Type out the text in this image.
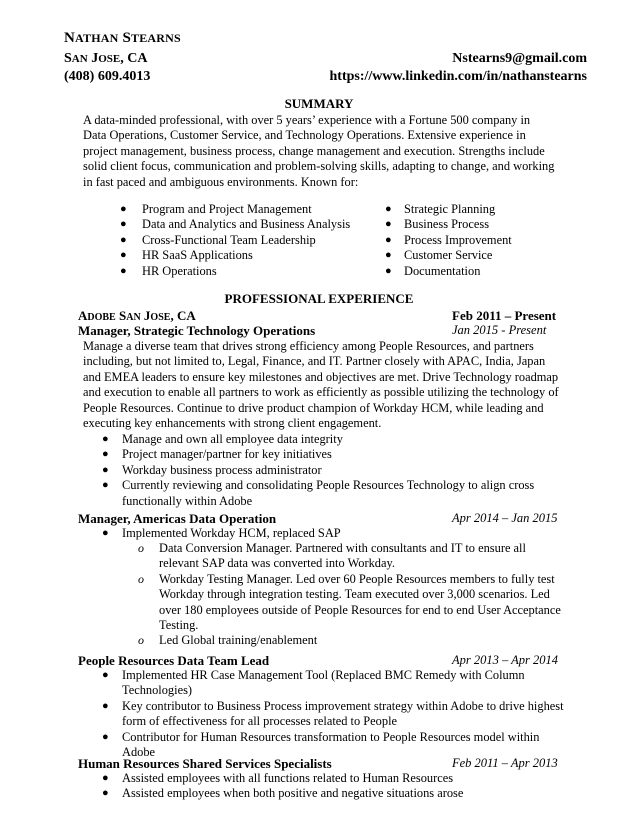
NATHAN STEARNS
SAN JOSE, CA	Nstearns9@gmail.com
(408) 609.4013	https://www.linkedin.com/in/nathanstearns
SUMMARY
A data-minded professional, with over 5 years’ experience with a Fortune 500 company in
Data Operations, Customer Service, and Technology Operations. Extensive experience in
project management, business process, change management and execution. Strengths include
solid client focus, communication and problem-solving skills, adapting to change, and working
in fast paced and ambiguous environments. Known for:
● Program and Project Management
● Data and Analytics and Business Analysis
● Cross-Functional Team Leadership
● HR SaaS Applications
● HR Operations
● Strategic Planning
● Business Process
● Process Improvement
● Customer Service
● Documentation
PROFESSIONAL EXPERIENCE
ADOBE SAN JOSE, CA	Feb 2011 – Present
Manager, Strategic Technology Operations	Jan 2015 - Present
Manage a diverse team that drives strong efficiency among People Resources, and partners
including, but not limited to, Legal, Finance, and IT. Partner closely with APAC, India, Japan
and EMEA leaders to ensure key milestones and objectives are met. Drive Technology roadmap
and execution to enable all partners to work as efficiently as possible utilizing the technology of
People Resources. Continue to drive product champion of Workday HCM, while leading and
executing key enhancements with strong client engagement.
● Manage and own all employee data integrity
● Project manager/partner for key initiatives
● Workday business process administrator
● Currently reviewing and consolidating People Resources Technology to align cross
functionally within Adobe
Manager, Americas Data Operation	Apr 2014 – Jan 2015
● Implemented Workday HCM, replaced SAP
o Data Conversion Manager. Partnered with consultants and IT to ensure all
relevant SAP data was converted into Workday.
o Workday Testing Manager. Led over 60 People Resources members to fully test
Workday through integration testing. Team executed over 3,000 scenarios. Led
over 180 employees outside of People Resources for end to end User Acceptance
Testing.
o Led Global training/enablement
People Resources Data Team Lead	Apr 2013 – Apr 2014
● Implemented HR Case Management Tool (Replaced BMC Remedy with Column
Technologies)
● Key contributor to Business Process improvement strategy within Adobe to drive highest
form of effectiveness for all processes related to People
● Contributor for Human Resources transformation to People Resources model within
Adobe
Human Resources Shared Services Specialists	Feb 2011 – Apr 2013
● Assisted employees with all functions related to Human Resources
● Assisted employees when both positive and negative situations arose
